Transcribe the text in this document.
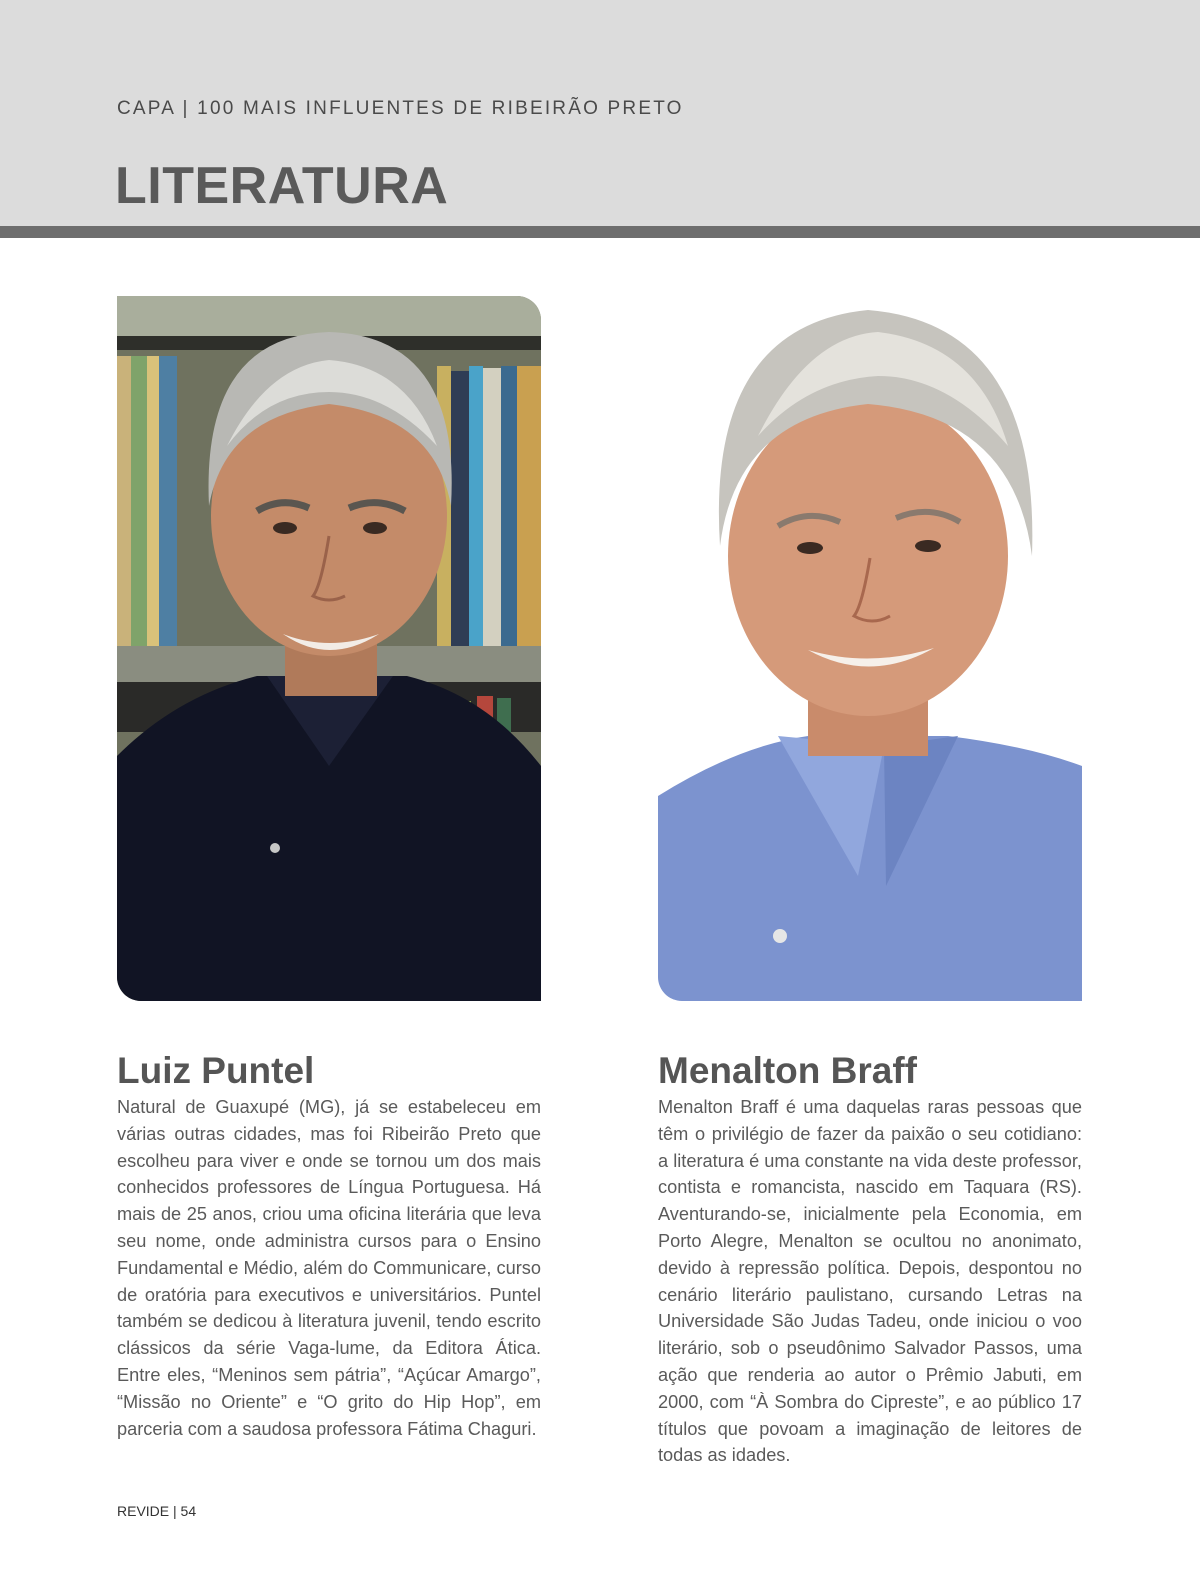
CAPA | 100 MAIS INFLUENTES DE RIBEIRÃO PRETO
LITERATURA
Luiz Puntel

Natural de Guaxupé (MG), já se estabeleceu em várias outras cidades, mas foi Ribeirão Preto que escolheu para viver e onde se tornou um dos mais conhecidos professores de Língua Portuguesa. Há mais de 25 anos, criou uma oficina literária que leva seu nome, onde administra cursos para o Ensino Fundamental e Médio, além do Communicare, curso de oratória para executivos e universitários. Puntel também se dedicou à literatura juvenil, tendo escrito clássicos da série Vaga-lume, da Editora Ática. Entre eles, “Meninos sem pátria”, “Açúcar Amargo”, “Missão no Oriente” e “O grito do Hip Hop”, em parceria com a saudosa professora Fátima Chaguri.

Menalton Braff

Menalton Braff é uma daquelas raras pessoas que têm o privilégio de fazer da paixão o seu cotidiano: a literatura é uma constante na vida deste professor, contista e romancista, nascido em Taquara (RS). Aventurando-se, inicialmente pela Economia, em Porto Alegre, Menalton se ocultou no anonimato, devido à repressão política. Depois, despontou no cenário literário paulistano, cursando Letras na Universidade São Judas Tadeu, onde iniciou o voo literário, sob o pseudônimo Salvador Passos, uma ação que renderia ao autor o Prêmio Jabuti, em 2000, com “À Sombra do Cipreste”, e ao público 17 títulos que povoam a imaginação de leitores de todas as idades.

REVIDE | 54
